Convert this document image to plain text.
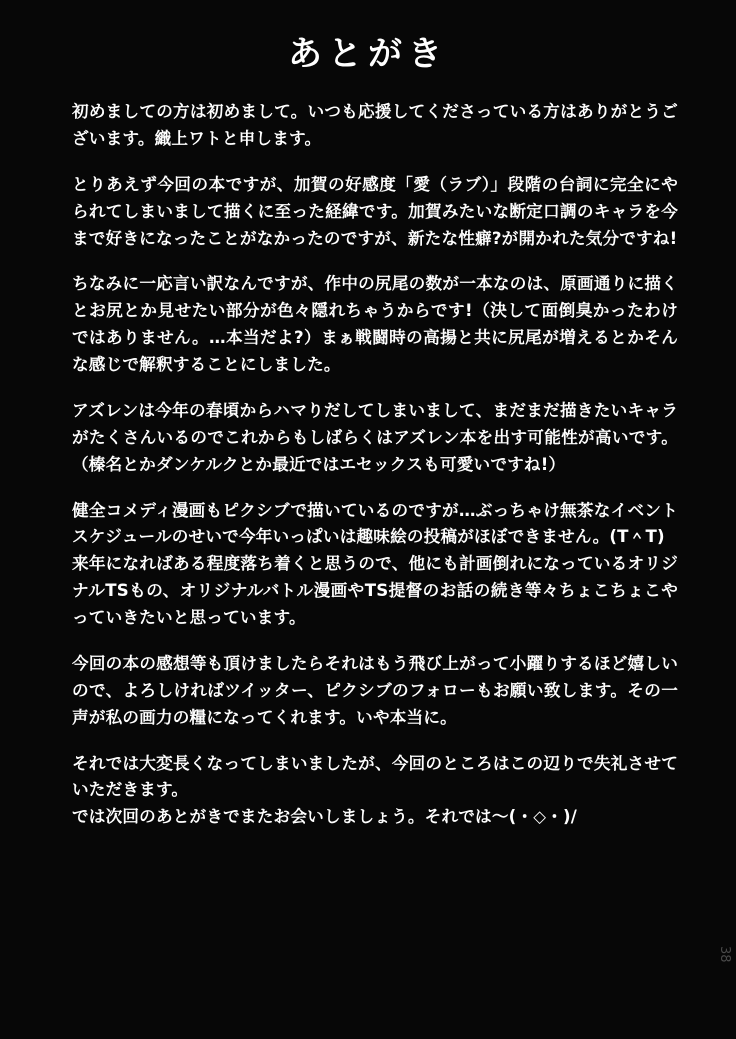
あとがき

初めましての方は初めまして。いつも応援してくださっている方はありがとうございます。織上ワトと申します。

とりあえず今回の本ですが、加賀の好感度「愛（ラブ）」段階の台詞に完全にやられてしまいまして描くに至った経緯です。加賀みたいな断定口調のキャラを今まで好きになったことがなかったのですが、新たな性癖?が開かれた気分ですね!

ちなみに一応言い訳なんですが、作中の尻尾の数が一本なのは、原画通りに描くとお尻とか見せたい部分が色々隠れちゃうからです!（決して面倒臭かったわけではありません。…本当だよ?）まぁ戦闘時の高揚と共に尻尾が増えるとかそんな感じで解釈することにしました。

アズレンは今年の春頃からハマりだしてしまいまして、まだまだ描きたいキャラがたくさんいるのでこれからもしばらくはアズレン本を出す可能性が高いです。（榛名とかダンケルクとか最近ではエセックスも可愛いですね!）

健全コメディ漫画もピクシブで描いているのですが…ぶっちゃけ無茶なイベントスケジュールのせいで今年いっぱいは趣味絵の投稿がほぼできません。(T＾T)

来年になればある程度落ち着くと思うので、他にも計画倒れになっているオリジナルTSもの、オリジナルバトル漫画やTS提督のお話の続き等々ちょこちょこやっていきたいと思っています。

今回の本の感想等も頂けましたらそれはもう飛び上がって小躍りするほど嬉しいので、よろしければツイッター、ピクシブのフォローもお願い致します。その一声が私の画力の糧になってくれます。いや本当に。

それでは大変長くなってしまいましたが、今回のところはこの辺りで失礼させていただきます。

では次回のあとがきでまたお会いしましょう。それでは〜(・◇・)/

38
